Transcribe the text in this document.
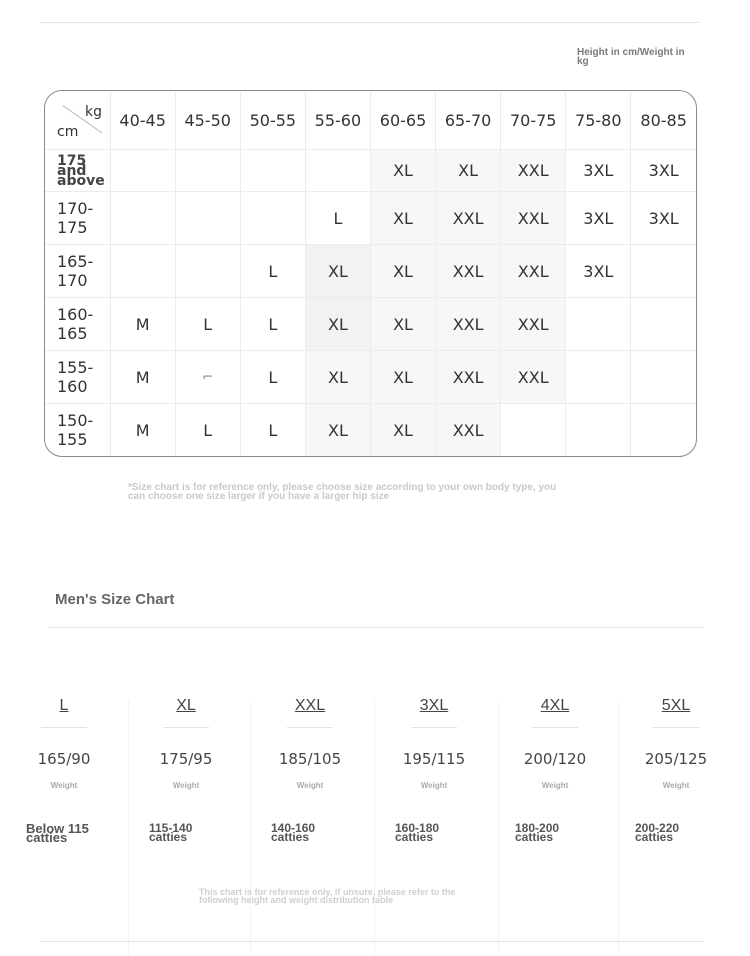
Height in cm/Weight in kg
kg
cm	40-45	45-50	50-55	55-60	60-65	65-70	70-75	75-80	80-85
175 and above					XL	XL	XXL	3XL	3XL
170-175				L	XL	XXL	XXL	3XL	3XL
165-170			L	XL	XL	XXL	XXL	3XL	
160-165	M	L	L	XL	XL	XXL	XXL		
155-160	M	⌐	L	XL	XL	XXL	XXL		
150-155	M	L	L	XL	XL	XXL			
*Size chart is for reference only, please choose size according to your own body type, you can choose one size larger if you have a larger hip size
Men's Size Chart
L
165/90
Weight
Below 115 catties
XL
175/95
Weight
115-140 catties
XXL
185/105
Weight
140-160 catties
3XL
195/115
Weight
160-180 catties
4XL
200/120
Weight
180-200 catties
5XL
205/125
Weight
200-220 catties
This chart is for reference only, if unsure, please refer to the following height and weight distribution table
